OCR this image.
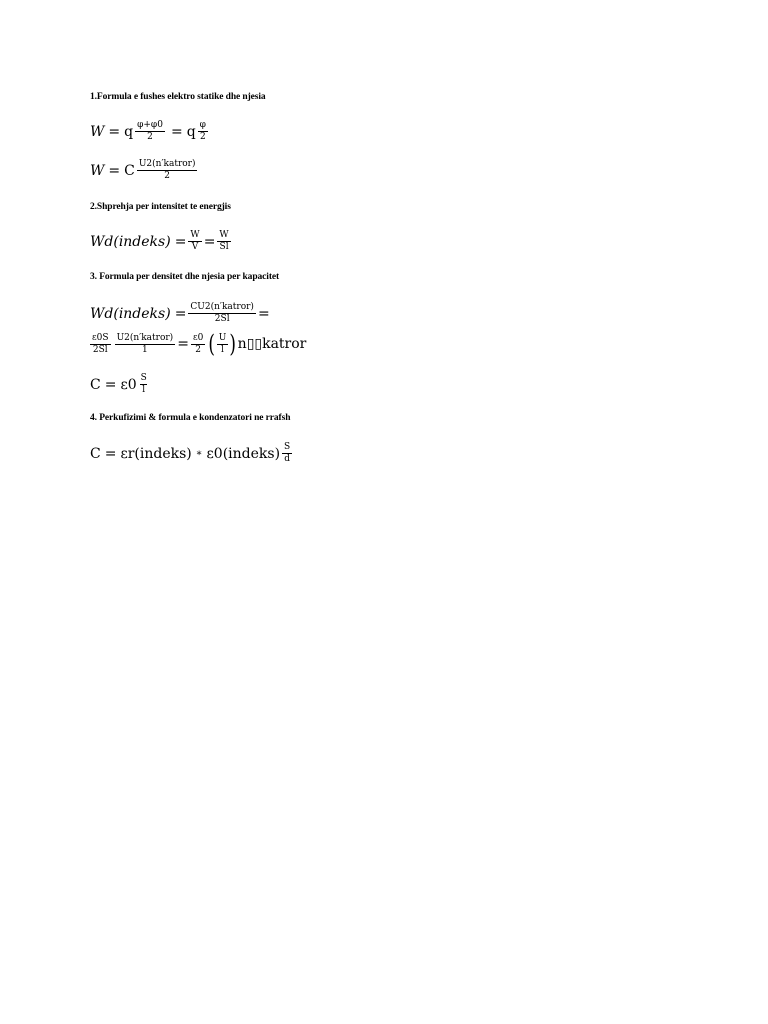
1.Formula e fushes elektro statike dhe njesia
W = q $\frac{\varphi+\varphi 0}{2} = q \frac{\varphi}{2}$
W = C $\frac{\text{U2(n′katror)}}{2}$
2.Shprehja per intensitet te energjis
Wd(indeks) = $\frac{W}{V} = \frac{W}{Sl}$
3. Formula per densitet dhe njesia per kapacitet
Wd(indeks) = $\frac{\text{CU2(n′katror)}}{2Sl}$ =
$\frac{\varepsilon 0S}{2Sl} \frac{\text{U2(n′katror)}}{1} = \frac{\varepsilon 0}{2}$ ( $\frac{U}{l}$ ) n▯▯katror
$C = \varepsilon 0 \frac{S}{l}$
4. Perkufizimi & formula e kondenzatori ne rrafsh
C = εr(indeks) ∗ ε0(indeks) $\frac{S}{d}$
